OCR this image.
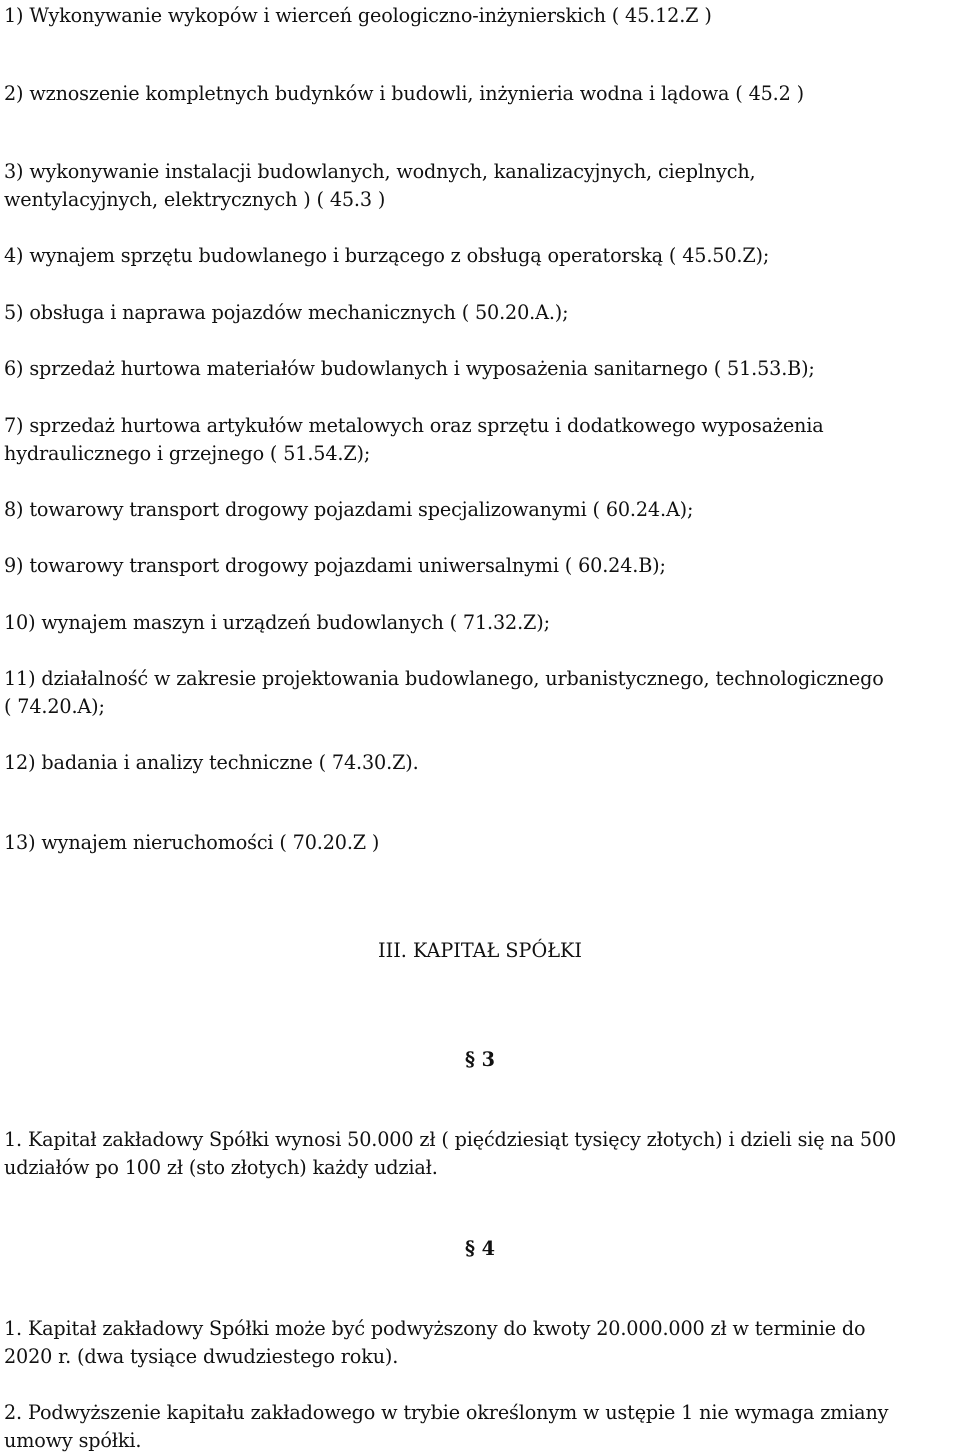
1) Wykonywanie wykopów i wierceń geologiczno-inżynierskich ( 45.12.Z )
2) wznoszenie kompletnych budynków i budowli, inżynieria wodna i lądowa ( 45.2 )
3) wykonywanie instalacji budowlanych, wodnych, kanalizacyjnych, cieplnych,
wentylacyjnych, elektrycznych ) ( 45.3 )
4) wynajem sprzętu budowlanego i burzącego z obsługą operatorską ( 45.50.Z);
5) obsługa i naprawa pojazdów mechanicznych ( 50.20.A.);
6) sprzedaż hurtowa materiałów budowlanych i wyposażenia sanitarnego ( 51.53.B);
7) sprzedaż hurtowa artykułów metalowych oraz sprzętu i dodatkowego wyposażenia
hydraulicznego i grzejnego ( 51.54.Z);
8) towarowy transport drogowy pojazdami specjalizowanymi ( 60.24.A);
9) towarowy transport drogowy pojazdami uniwersalnymi ( 60.24.B);
10) wynajem maszyn i urządzeń budowlanych ( 71.32.Z);
11) działalność w zakresie projektowania budowlanego, urbanistycznego, technologicznego
( 74.20.A);
12) badania i analizy techniczne ( 74.30.Z).
13) wynajem nieruchomości ( 70.20.Z )
III. KAPITAŁ SPÓŁKI
§ 3
1. Kapitał zakładowy Spółki wynosi 50.000 zł ( pięćdziesiąt tysięcy złotych) i dzieli się na 500
udziałów po 100 zł (sto złotych) każdy udział.
§ 4
1. Kapitał zakładowy Spółki może być podwyższony do kwoty 20.000.000 zł w terminie do
2020 r. (dwa tysiące dwudziestego roku).
2. Podwyższenie kapitału zakładowego w trybie określonym w ustępie 1 nie wymaga zmiany
umowy spółki.
